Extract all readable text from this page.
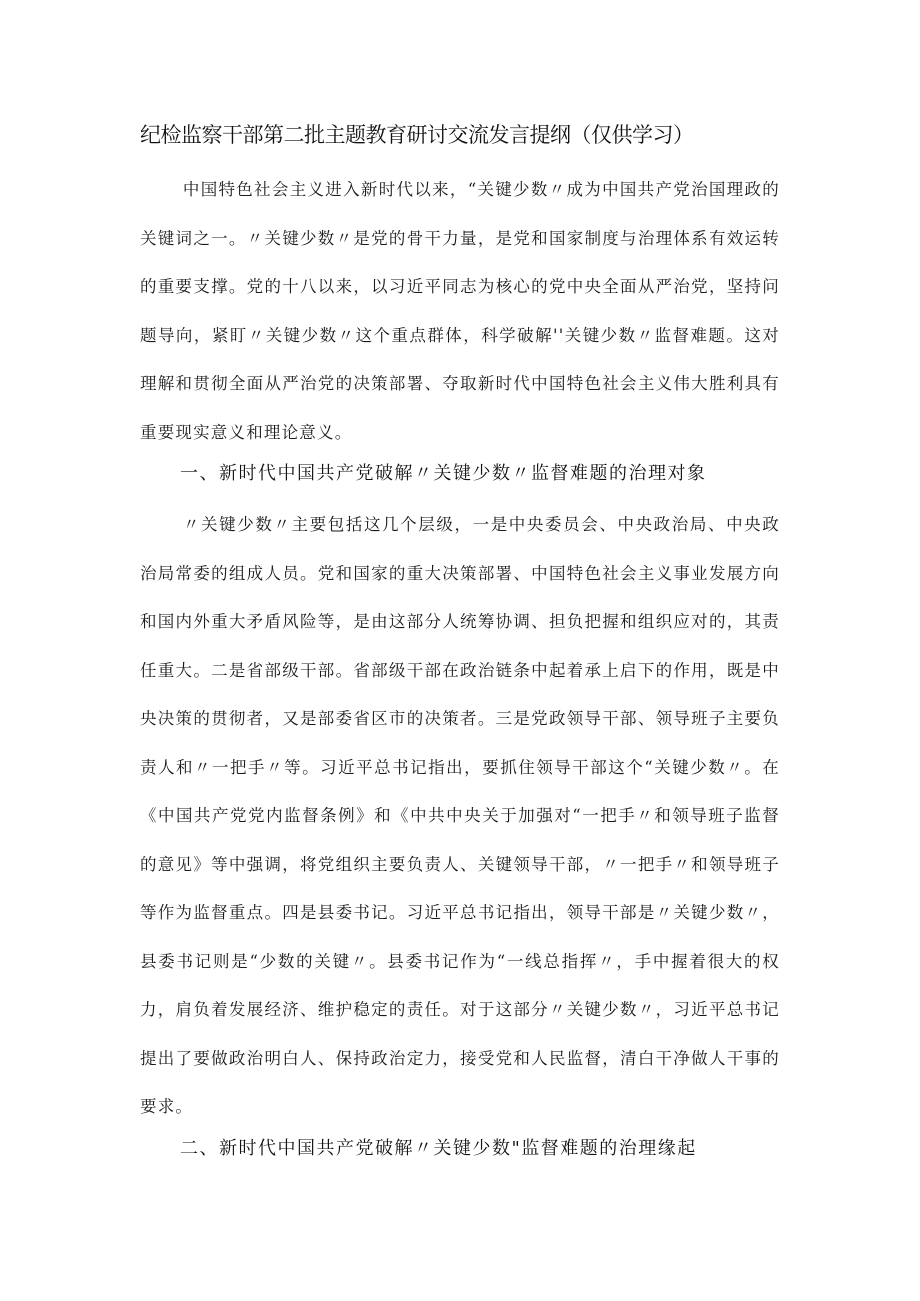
纪检监察干部第二批主题教育研讨交流发言提纲（仅供学习）

中国特色社会主义进入新时代以来，“关键少数〃成为中国共产党治国理政的关键词之一。〃关键少数〃是党的骨干力量，是党和国家制度与治理体系有效运转的重要支撑。党的十八以来，以习近平同志为核心的党中央全面从严治党，坚持问题导向，紧盯〃关键少数〃这个重点群体，科学破解''关键少数〃监督难题。这对理解和贯彻全面从严治党的决策部署、夺取新时代中国特色社会主义伟大胜利具有重要现实意义和理论意义。

一、新时代中国共产党破解〃关键少数〃监督难题的治理对象

〃关键少数〃主要包括这几个层级，一是中央委员会、中央政治局、中央政治局常委的组成人员。党和国家的重大决策部署、中国特色社会主义事业发展方向和国内外重大矛盾风险等，是由这部分人统筹协调、担负把握和组织应对的，其责任重大。二是省部级干部。省部级干部在政治链条中起着承上启下的作用，既是中央决策的贯彻者，又是部委省区市的决策者。三是党政领导干部、领导班子主要负责人和〃一把手〃等。习近平总书记指出，要抓住领导干部这个“关键少数〃。在《中国共产党党内监督条例》和《中共中央关于加强对“一把手〃和领导班子监督的意见》等中强调，将党组织主要负责人、关键领导干部，〃一把手〃和领导班子等作为监督重点。四是县委书记。习近平总书记指出，领导干部是〃关键少数〃，县委书记则是“少数的关键〃。县委书记作为“一线总指挥〃，手中握着很大的权力，肩负着发展经济、维护稳定的责任。对于这部分〃关键少数〃，习近平总书记提出了要做政治明白人、保持政治定力，接受党和人民监督，清白干净做人干事的要求。

二、新时代中国共产党破解〃关键少数"监督难题的治理缘起
